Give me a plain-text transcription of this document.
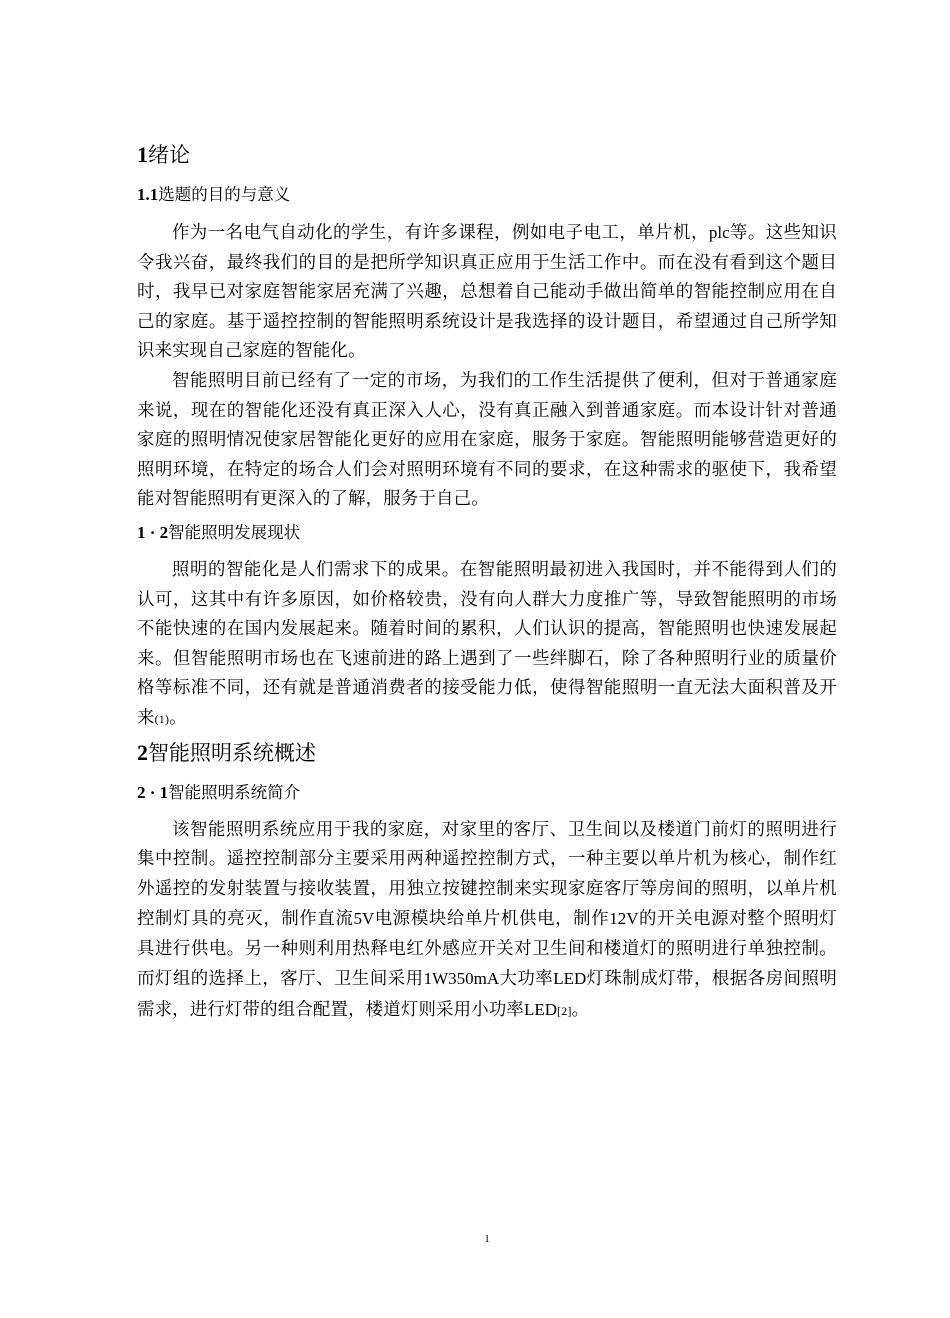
1绪论
1.1选题的目的与意义

作为一名电气自动化的学生，有许多课程，例如电子电工，单片机，plc等。这些知识令我兴奋，最终我们的目的是把所学知识真正应用于生活工作中。而在没有看到这个题目时，我早已对家庭智能家居充满了兴趣，总想着自己能动手做出简单的智能控制应用在自己的家庭。基于遥控控制的智能照明系统设计是我选择的设计题目，希望通过自己所学知识来实现自己家庭的智能化。

智能照明目前已经有了一定的市场，为我们的工作生活提供了便利，但对于普通家庭来说，现在的智能化还没有真正深入人心，没有真正融入到普通家庭。而本设计针对普通家庭的照明情况使家居智能化更好的应用在家庭，服务于家庭。智能照明能够营造更好的照明环境，在特定的场合人们会对照明环境有不同的要求，在这种需求的驱使下，我希望能对智能照明有更深入的了解，服务于自己。

1 · 2智能照明发展现状

照明的智能化是人们需求下的成果。在智能照明最初进入我国时，并不能得到人们的认可，这其中有许多原因，如价格较贵，没有向人群大力度推广等，导致智能照明的市场不能快速的在国内发展起来。随着时间的累积，人们认识的提高，智能照明也快速发展起来。但智能照明市场也在飞速前进的路上遇到了一些绊脚石，除了各种照明行业的质量价格等标准不同，还有就是普通消费者的接受能力低，使得智能照明一直无法大面积普及开来(1)。

2智能照明系统概述
2 · 1智能照明系统简介

该智能照明系统应用于我的家庭，对家里的客厅、卫生间以及楼道门前灯的照明进行集中控制。遥控控制部分主要采用两种遥控控制方式，一种主要以单片机为核心，制作红外遥控的发射装置与接收装置，用独立按键控制来实现家庭客厅等房间的照明，以单片机控制灯具的亮灭，制作直流5V电源模块给单片机供电，制作12V的开关电源对整个照明灯具进行供电。另一种则利用热释电红外感应开关对卫生间和楼道灯的照明进行单独控制。而灯组的选择上，客厅、卫生间采用1W350mA大功率LED灯珠制成灯带，根据各房间照明需求，进行灯带的组合配置，楼道灯则采用小功率LED[2]。

1
